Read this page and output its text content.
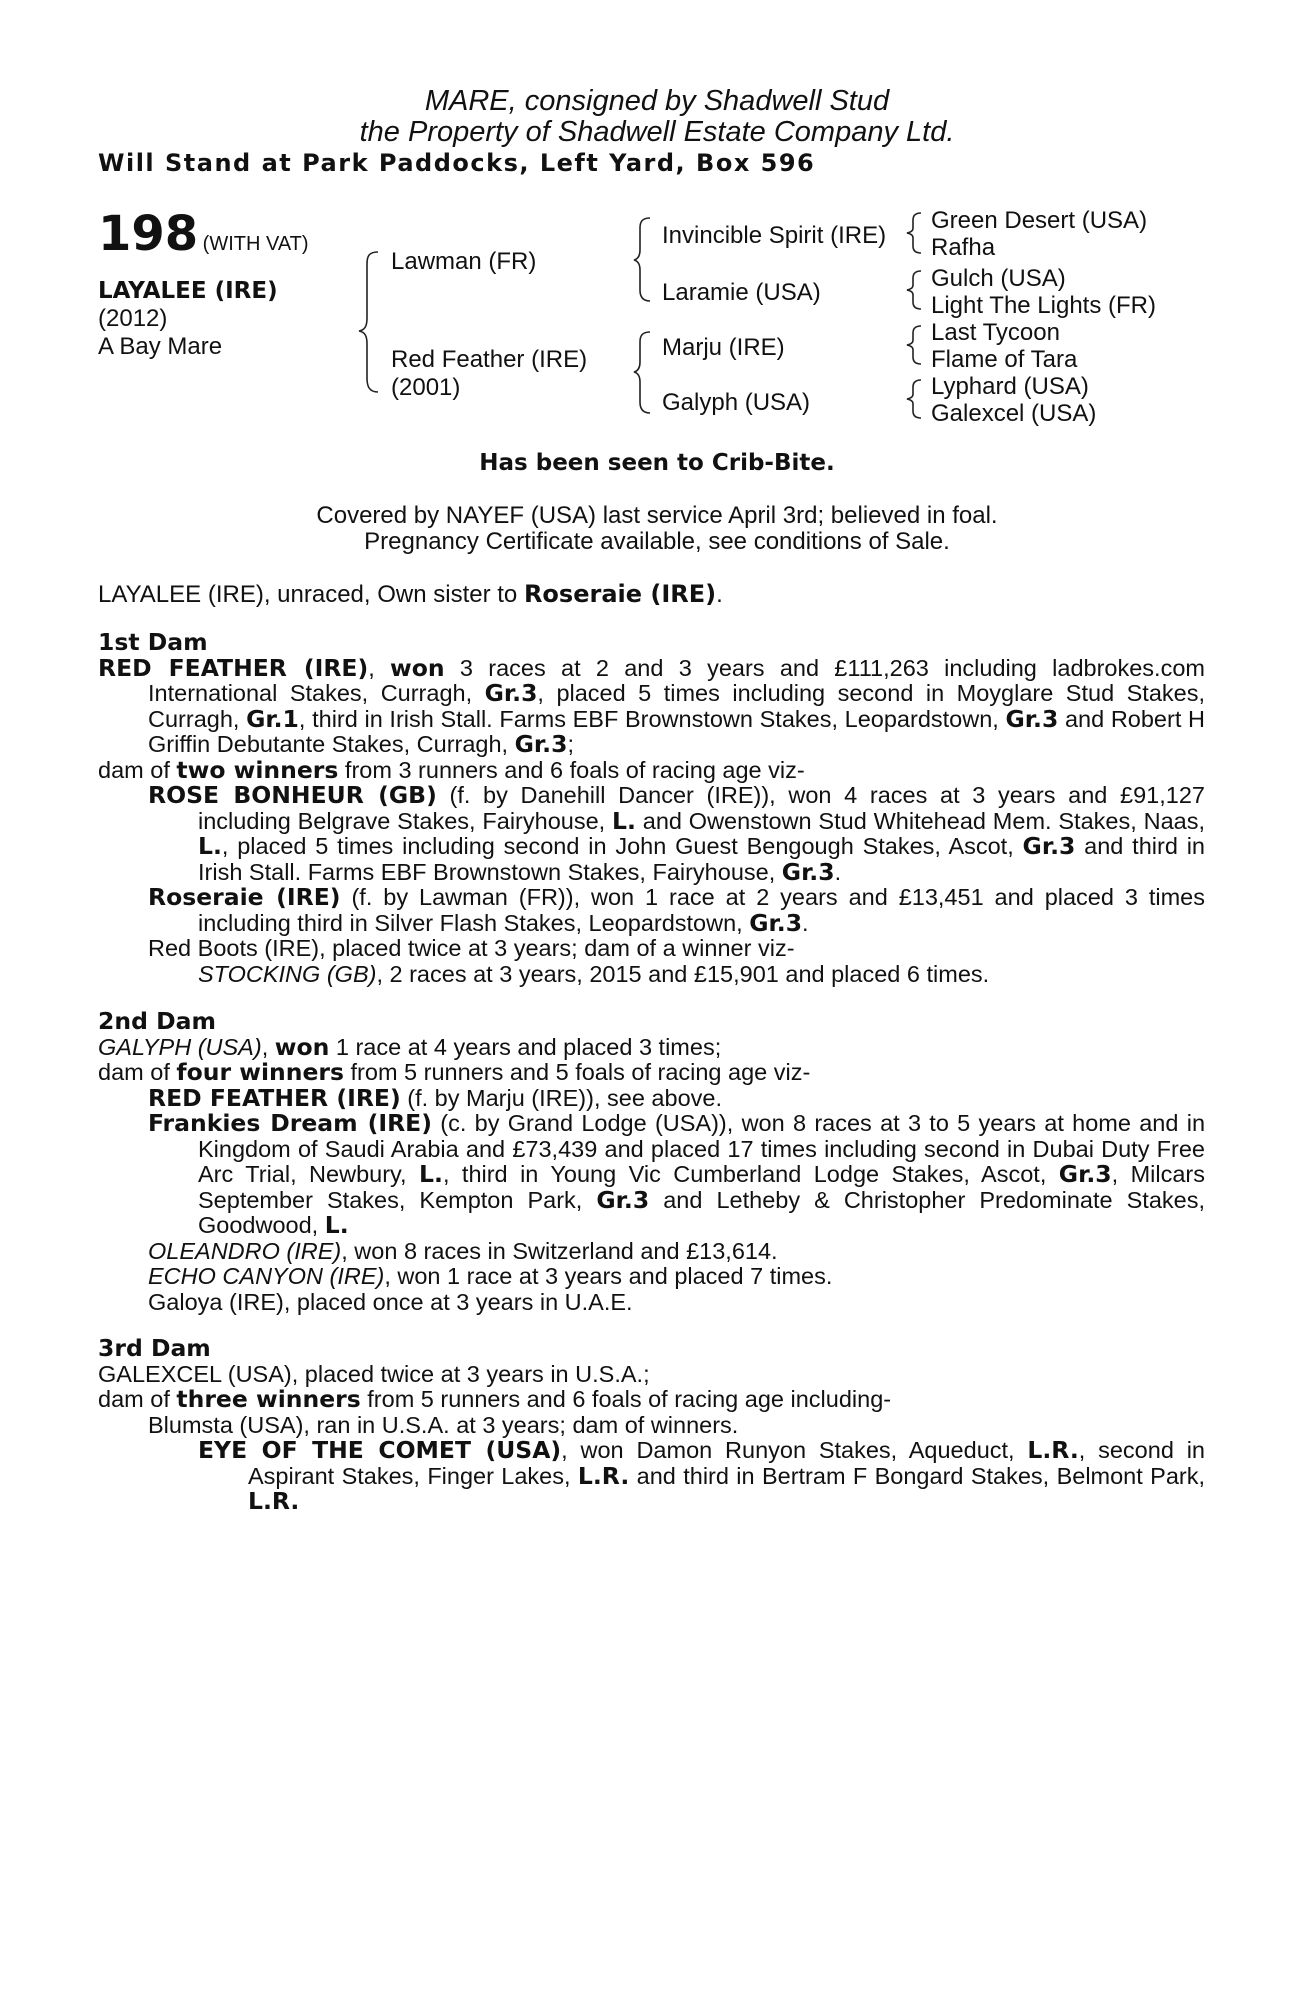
MARE, consigned by Shadwell Stud
the Property of Shadwell Estate Company Ltd.
Will Stand at Park Paddocks, Left Yard, Box 596
198 (WITH VAT)
LAYALEE (IRE)
(2012)
A Bay Mare
Lawman (FR)
Red Feather (IRE)
(2001)
Invincible Spirit (IRE)
Laramie (USA)
Marju (IRE)
Galyph (USA)
Green Desert (USA)
Rafha
Gulch (USA)
Light The Lights (FR)
Last Tycoon
Flame of Tara
Lyphard (USA)
Galexcel (USA)
Has been seen to Crib-Bite.
Covered by NAYEF (USA) last service April 3rd; believed in foal.
Pregnancy Certificate available, see conditions of Sale.
LAYALEE (IRE), unraced, Own sister to Roseraie (IRE).

1st Dam

RED FEATHER (IRE), won 3 races at 2 and 3 years and £111,263 including ladbrokes.com International Stakes, Curragh, Gr.3, placed 5 times including second in Moyglare Stud Stakes, Curragh, Gr.1, third in Irish Stall. Farms EBF Brownstown Stakes, Leopardstown, Gr.3 and Robert H Griffin Debutante Stakes, Curragh, Gr.3;

dam of two winners from 3 runners and 6 foals of racing age viz-

ROSE BONHEUR (GB) (f. by Danehill Dancer (IRE)), won 4 races at 3 years and £91,127 including Belgrave Stakes, Fairyhouse, L. and Owenstown Stud Whitehead Mem. Stakes, Naas, L., placed 5 times including second in John Guest Bengough Stakes, Ascot, Gr.3 and third in Irish Stall. Farms EBF Brownstown Stakes, Fairyhouse, Gr.3.

Roseraie (IRE) (f. by Lawman (FR)), won 1 race at 2 years and £13,451 and placed 3 times including third in Silver Flash Stakes, Leopardstown, Gr.3.

Red Boots (IRE), placed twice at 3 years; dam of a winner viz-

STOCKING (GB), 2 races at 3 years, 2015 and £15,901 and placed 6 times.

2nd Dam

GALYPH (USA), won 1 race at 4 years and placed 3 times;

dam of four winners from 5 runners and 5 foals of racing age viz-

RED FEATHER (IRE) (f. by Marju (IRE)), see above.

Frankies Dream (IRE) (c. by Grand Lodge (USA)), won 8 races at 3 to 5 years at home and in Kingdom of Saudi Arabia and £73,439 and placed 17 times including second in Dubai Duty Free Arc Trial, Newbury, L., third in Young Vic Cumberland Lodge Stakes, Ascot, Gr.3, Milcars September Stakes, Kempton Park, Gr.3 and Letheby & Christopher Predominate Stakes, Goodwood, L.

OLEANDRO (IRE), won 8 races in Switzerland and £13,614.

ECHO CANYON (IRE), won 1 race at 3 years and placed 7 times.

Galoya (IRE), placed once at 3 years in U.A.E.

3rd Dam

GALEXCEL (USA), placed twice at 3 years in U.S.A.;

dam of three winners from 5 runners and 6 foals of racing age including-

Blumsta (USA), ran in U.S.A. at 3 years; dam of winners.

EYE OF THE COMET (USA), won Damon Runyon Stakes, Aqueduct, L.R., second in Aspirant Stakes, Finger Lakes, L.R. and third in Bertram F Bongard Stakes, Belmont Park, L.R.
